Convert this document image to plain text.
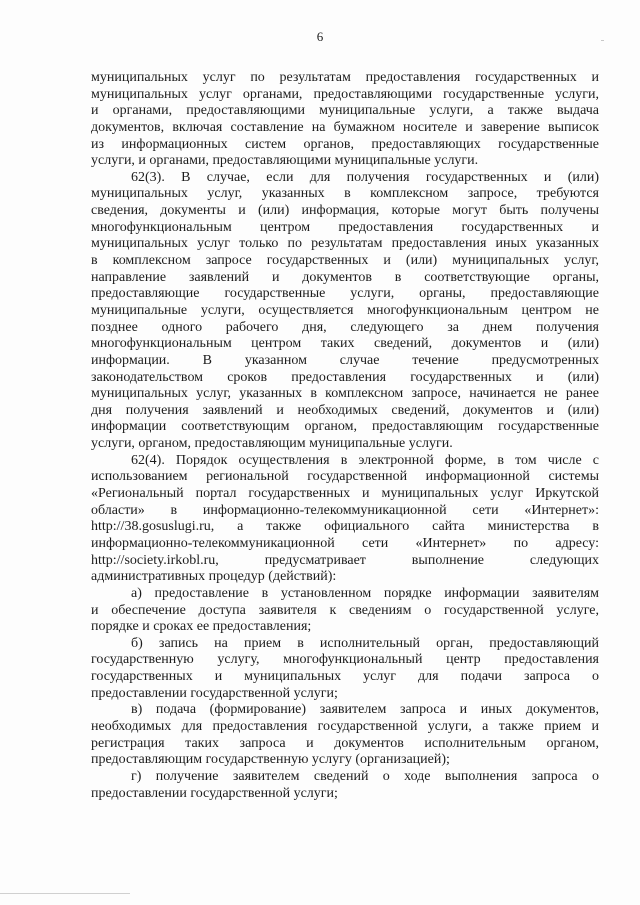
6
муниципальных услуг по результатам предоставления государственных и
муниципальных услуг органами, предоставляющими государственные услуги,
и органами, предоставляющими муниципальные услуги, а также выдача
документов, включая составление на бумажном носителе и заверение выписок
из информационных систем органов, предоставляющих государственные
услуги, и органами, предоставляющими муниципальные услуги.
62(3). В случае, если для получения государственных и (или)
муниципальных услуг, указанных в комплексном запросе, требуются
сведения, документы и (или) информация, которые могут быть получены
многофункциональным центром предоставления государственных и
муниципальных услуг только по результатам предоставления иных указанных
в комплексном запросе государственных и (или) муниципальных услуг,
направление заявлений и документов в соответствующие органы,
предоставляющие государственные услуги, органы, предоставляющие
муниципальные услуги, осуществляется многофункциональным центром не
позднее одного рабочего дня, следующего за днем получения
многофункциональным центром таких сведений, документов и (или)
информации. В указанном случае течение предусмотренных
законодательством сроков предоставления государственных и (или)
муниципальных услуг, указанных в комплексном запросе, начинается не ранее
дня получения заявлений и необходимых сведений, документов и (или)
информации соответствующим органом, предоставляющим государственные
услуги, органом, предоставляющим муниципальные услуги.
62(4). Порядок осуществления в электронной форме, в том числе с
использованием региональной государственной информационной системы
«Региональный портал государственных и муниципальных услуг Иркутской
области» в информационно-телекоммуникационной сети «Интернет»:
http://38.gosuslugi.ru, а также официального сайта министерства в
информационно-телекоммуникационной сети «Интернет» по адресу:
http://society.irkobl.ru, предусматривает выполнение следующих
административных процедур (действий):
а) предоставление в установленном порядке информации заявителям
и обеспечение доступа заявителя к сведениям о государственной услуге,
порядке и сроках ее предоставления;
б) запись на прием в исполнительный орган, предоставляющий
государственную услугу, многофункциональный центр предоставления
государственных и муниципальных услуг для подачи запроса о
предоставлении государственной услуги;
в) подача (формирование) заявителем запроса и иных документов,
необходимых для предоставления государственной услуги, а также прием и
регистрация таких запроса и документов исполнительным органом,
предоставляющим государственную услугу (организацией);
г) получение заявителем сведений о ходе выполнения запроса о
предоставлении государственной услуги;
